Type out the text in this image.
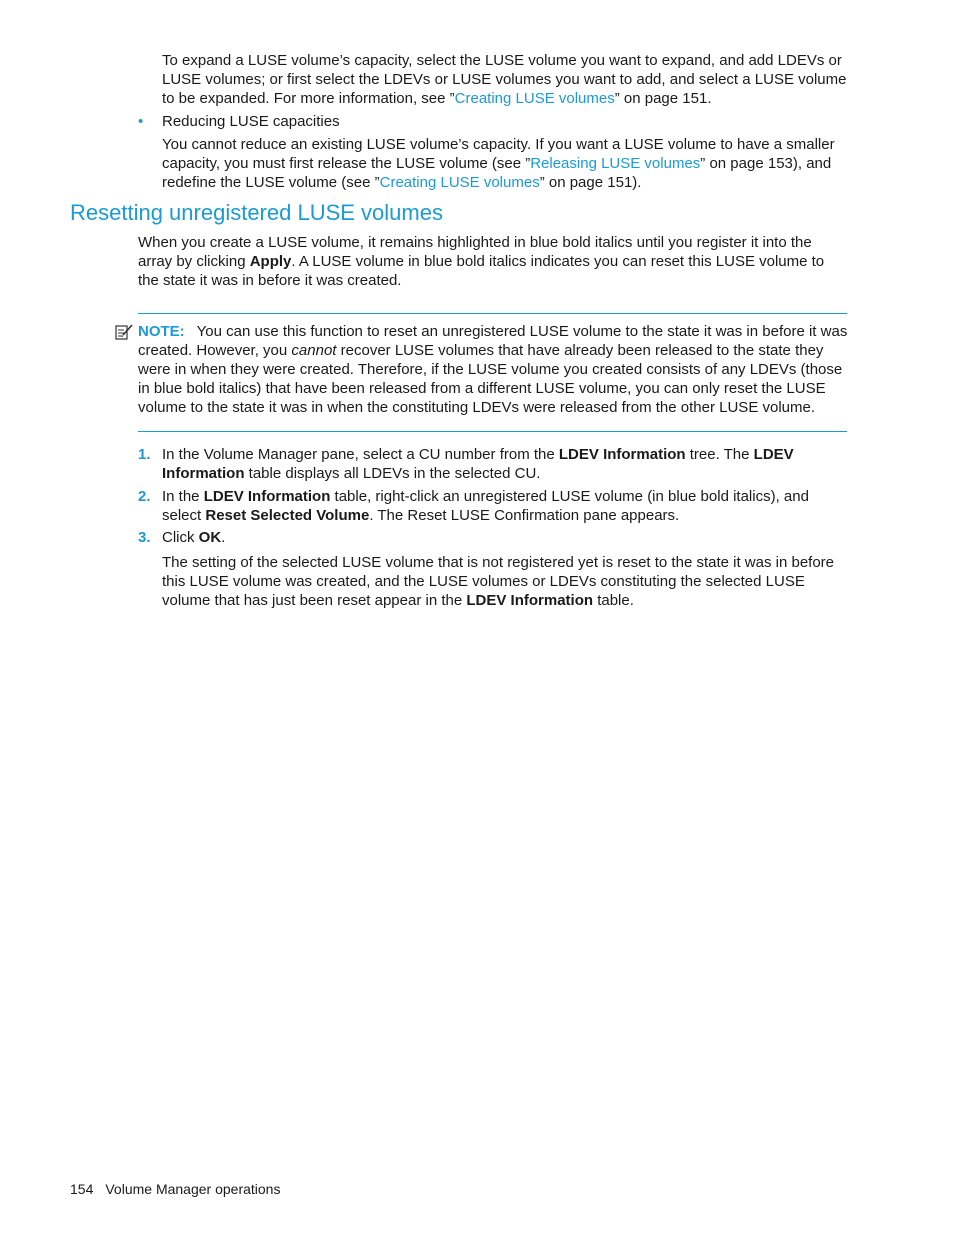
To expand a LUSE volume’s capacity, select the LUSE volume you want to expand, and add LDEVs or LUSE volumes; or first select the LDEVs or LUSE volumes you want to add, and select a LUSE volume to be expanded. For more information, see ”Creating LUSE volumes” on page 151.

• Reducing LUSE capacities

You cannot reduce an existing LUSE volume’s capacity. If you want a LUSE volume to have a smaller capacity, you must first release the LUSE volume (see ”Releasing LUSE volumes” on page 153), and redefine the LUSE volume (see ”Creating LUSE volumes” on page 151).

Resetting unregistered LUSE volumes

When you create a LUSE volume, it remains highlighted in blue bold italics until you register it into the array by clicking Apply. A LUSE volume in blue bold italics indicates you can reset this LUSE volume to the state it was in before it was created.

NOTE: You can use this function to reset an unregistered LUSE volume to the state it was in before it was created. However, you cannot recover LUSE volumes that have already been released to the state they were in when they were created. Therefore, if the LUSE volume you created consists of any LDEVs (those in blue bold italics) that have been released from a different LUSE volume, you can only reset the LUSE volume to the state it was in when the constituting LDEVs were released from the other LUSE volume.

1. In the Volume Manager pane, select a CU number from the LDEV Information tree. The LDEV Information table displays all LDEVs in the selected CU.

2. In the LDEV Information table, right-click an unregistered LUSE volume (in blue bold italics), and select Reset Selected Volume. The Reset LUSE Confirmation pane appears.

3. Click OK.

The setting of the selected LUSE volume that is not registered yet is reset to the state it was in before this LUSE volume was created, and the LUSE volumes or LDEVs constituting the selected LUSE volume that has just been reset appear in the LDEV Information table.

154 Volume Manager operations
